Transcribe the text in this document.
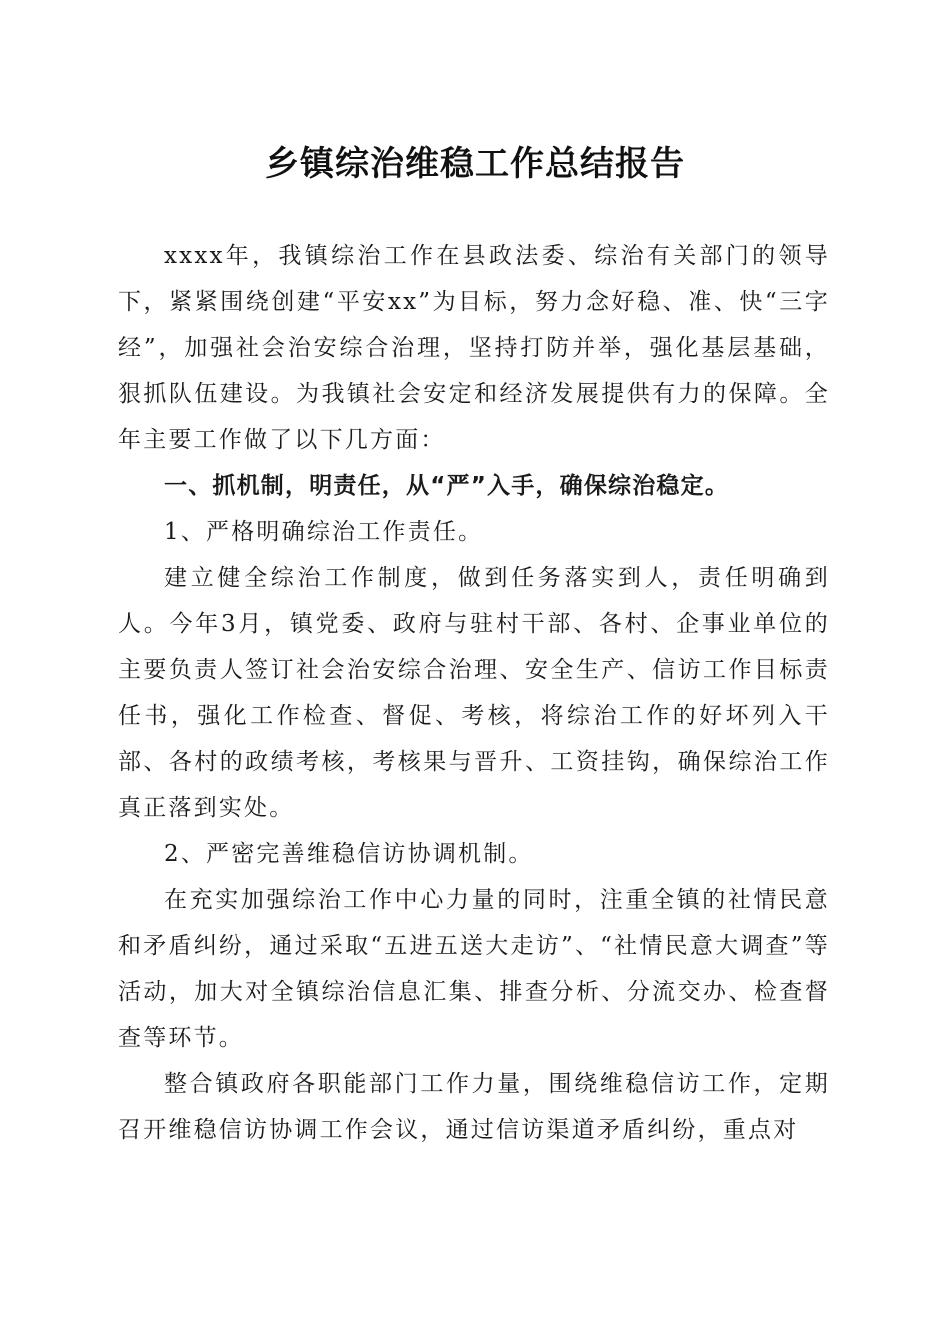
乡镇综治维稳工作总结报告

xxxx年，我镇综治工作在县政法委、综治有关部门的领导下，紧紧围绕创建“平安xx”为目标，努力念好稳、准、快“三字经”，加强社会治安综合治理，坚持打防并举，强化基层基础，狠抓队伍建设。为我镇社会安定和经济发展提供有力的保障。全年主要工作做了以下几方面：

一、抓机制，明责任，从“严”入手，确保综治稳定。

1、严格明确综治工作责任。

建立健全综治工作制度，做到任务落实到人，责任明确到人。今年3月，镇党委、政府与驻村干部、各村、企事业单位的主要负责人签订社会治安综合治理、安全生产、信访工作目标责任书，强化工作检查、督促、考核，将综治工作的好坏列入干部、各村的政绩考核，考核果与晋升、工资挂钩，确保综治工作真正落到实处。

2、严密完善维稳信访协调机制。

在充实加强综治工作中心力量的同时，注重全镇的社情民意和矛盾纠纷，通过采取“五进五送大走访”、“社情民意大调查”等活动，加大对全镇综治信息汇集、排查分析、分流交办、检查督查等环节。

整合镇政府各职能部门工作力量，围绕维稳信访工作，定期召开维稳信访协调工作会议，通过信访渠道矛盾纠纷，重点对
